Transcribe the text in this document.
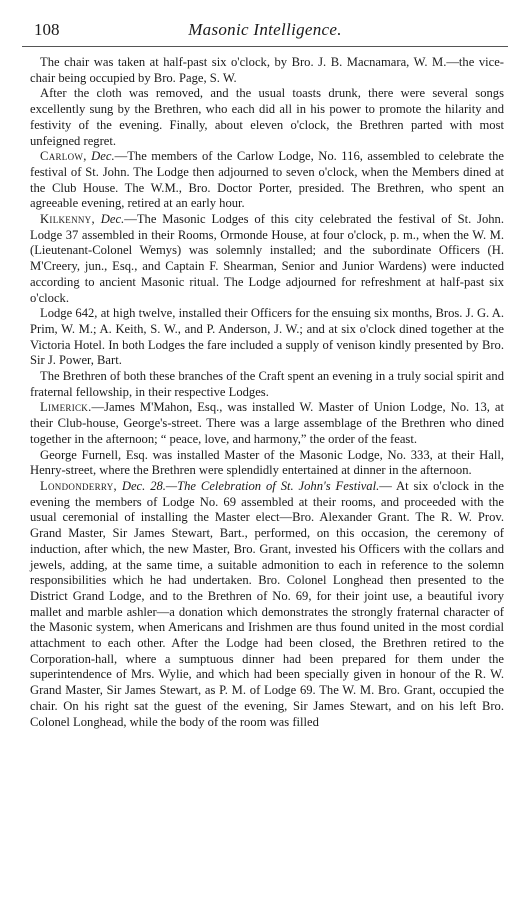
108	Masonic Intelligence.

The chair was taken at half-past six o'clock, by Bro. J. B. Macnamara, W. M.—the vice-chair being occupied by Bro. Page, S. W.

After the cloth was removed, and the usual toasts drunk, there were several songs excellently sung by the Brethren, who each did all in his power to promote the hilarity and festivity of the evening. Finally, about eleven o'clock, the Brethren parted with most unfeigned regret.

Carlow, Dec.—The members of the Carlow Lodge, No. 116, assembled to celebrate the festival of St. John. The Lodge then adjourned to seven o'clock, when the Members dined at the Club House. The W.M., Bro. Doctor Porter, presided. The Brethren, who spent an agreeable evening, retired at an early hour.

Kilkenny, Dec.—The Masonic Lodges of this city celebrated the festival of St. John. Lodge 37 assembled in their Rooms, Ormonde House, at four o'clock, p. m., when the W. M. (Lieutenant-Colonel Wemys) was solemnly installed; and the subordinate Officers (H. M'Creery, jun., Esq., and Captain F. Shearman, Senior and Junior Wardens) were inducted according to ancient Masonic ritual. The Lodge adjourned for refreshment at half-past six o'clock.

Lodge 642, at high twelve, installed their Officers for the ensuing six months, Bros. J. G. A. Prim, W. M.; A. Keith, S. W., and P. Anderson, J. W.; and at six o'clock dined together at the Victoria Hotel. In both Lodges the fare included a supply of venison kindly presented by Bro. Sir J. Power, Bart.

The Brethren of both these branches of the Craft spent an evening in a truly social spirit and fraternal fellowship, in their respective Lodges.

Limerick.—James M'Mahon, Esq., was installed W. Master of Union Lodge, No. 13, at their Club-house, George's-street. There was a large assemblage of the Brethren who dined together in the afternoon; “ peace, love, and harmony,” the order of the feast.

George Furnell, Esq. was installed Master of the Masonic Lodge, No. 333, at their Hall, Henry-street, where the Brethren were splendidly entertained at dinner in the afternoon.

Londonderry, Dec. 28.—The Celebration of St. John's Festival.— At six o'clock in the evening the members of Lodge No. 69 assembled at their rooms, and proceeded with the usual ceremonial of installing the Master elect—Bro. Alexander Grant. The R. W. Prov. Grand Master, Sir James Stewart, Bart., performed, on this occasion, the ceremony of induction, after which, the new Master, Bro. Grant, invested his Officers with the collars and jewels, adding, at the same time, a suitable admonition to each in reference to the solemn responsibilities which he had undertaken. Bro. Colonel Longhead then presented to the District Grand Lodge, and to the Brethren of No. 69, for their joint use, a beautiful ivory mallet and marble ashler—a donation which demonstrates the strongly fraternal character of the Masonic system, when Americans and Irishmen are thus found united in the most cordial attachment to each other. After the Lodge had been closed, the Brethren retired to the Corporation-hall, where a sumptuous dinner had been prepared for them under the superintendence of Mrs. Wylie, and which had been specially given in honour of the R. W. Grand Master, Sir James Stewart, as P. M. of Lodge 69. The W. M. Bro. Grant, occupied the chair. On his right sat the guest of the evening, Sir James Stewart, and on his left Bro. Colonel Longhead, while the body of the room was filled
